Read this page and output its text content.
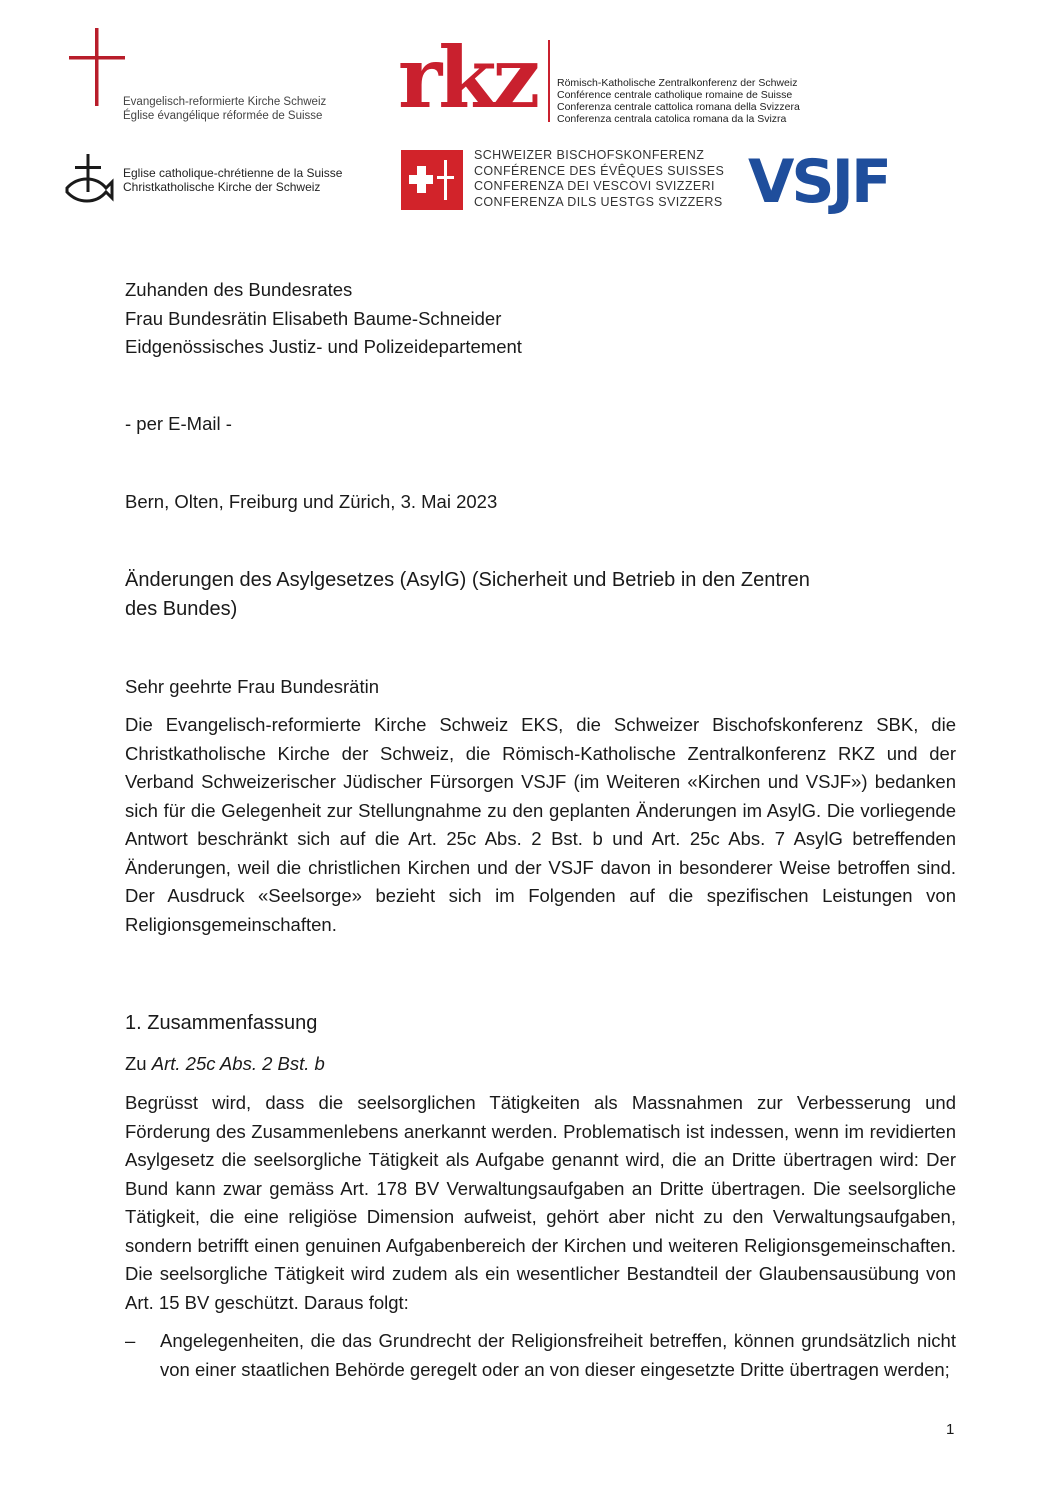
Evangelisch-reformierte Kirche Schweiz
Église évangélique réformée de Suisse rkz Römisch-Katholische Zentralkonferenz der Schweiz
Conférence centrale catholique romaine de Suisse
Conferenza centrale cattolica romana della Svizzera
Conferenza centrala catolica romana da la Svizra
Eglise catholique-chrétienne de la Suisse
Christkatholische Kirche der Schweiz
SCHWEIZER BISCHOFSKONFERENZ
CONFÉRENCE DES ÉVÊQUES SUISSES
CONFERENZA DEI VESCOVI SVIZZERI
CONFERENZA DILS UESTGS SVIZZERS VSJF
Zuhanden des Bundesrates
Frau Bundesrätin Elisabeth Baume-Schneider
Eidgenössisches Justiz- und Polizeidepartement
- per E-Mail -
Bern, Olten, Freiburg und Zürich, 3. Mai 2023
Änderungen des Asylgesetzes (AsylG) (Sicherheit und Betrieb in den Zentren
des Bundes)
Sehr geehrte Frau Bundesrätin
Die Evangelisch-reformierte Kirche Schweiz EKS, die Schweizer Bischofskonferenz SBK, die Christkatholische Kirche der Schweiz, die Römisch-Katholische Zentralkonferenz RKZ und der Verband Schweizerischer Jüdischer Fürsorgen VSJF (im Weiteren «Kirchen und VSJF») bedanken sich für die Gelegenheit zur Stellungnahme zu den geplanten Änderungen im AsylG. Die vorliegende Antwort beschränkt sich auf die Art. 25c Abs. 2 Bst. b und Art. 25c Abs. 7 AsylG betreffenden Änderungen, weil die christlichen Kirchen und der VSJF davon in besonderer Weise betroffen sind. Der Ausdruck «Seelsorge» bezieht sich im Folgenden auf die spezifischen Leistungen von Religionsgemeinschaften.
1. Zusammenfassung
Zu Art. 25c Abs. 2 Bst. b
Begrüsst wird, dass die seelsorglichen Tätigkeiten als Massnahmen zur Verbesserung und Förderung des Zusammenlebens anerkannt werden. Problematisch ist indessen, wenn im revidierten Asylgesetz die seelsorgliche Tätigkeit als Aufgabe genannt wird, die an Dritte übertragen wird: Der Bund kann zwar gemäss Art. 178 BV Verwaltungsaufgaben an Dritte übertragen. Die seelsorgliche Tätigkeit, die eine religiöse Dimension aufweist, gehört aber nicht zu den Verwaltungsaufgaben, sondern betrifft einen genuinen Aufgabenbereich der Kirchen und weiteren Religionsgemeinschaften. Die seelsorgliche Tätigkeit wird zudem als ein wesentlicher Bestandteil der Glaubensausübung von Art. 15 BV geschützt. Daraus folgt:
–	Angelegenheiten, die das Grundrecht der Religionsfreiheit betreffen, können grundsätzlich nicht von einer staatlichen Behörde geregelt oder an von dieser eingesetzte Dritte übertragen werden;
1
